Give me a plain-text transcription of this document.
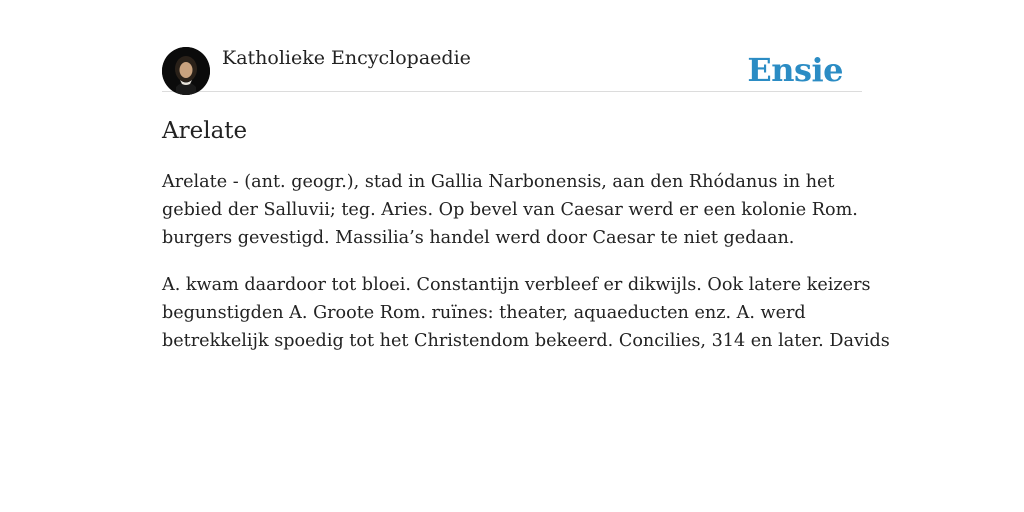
Katholieke Encyclopaedie	Ensie
Arelate

Arelate - (ant. geogr.), stad in Gallia Narbonensis, aan den Rhódanus in het
gebied der Salluvii; teg. Aries. Op bevel van Caesar werd er een kolonie Rom.
burgers gevestigd. Massilia’s handel werd door Caesar te niet gedaan.

A. kwam daardoor tot bloei. Constantijn verbleef er dikwijls. Ook latere keizers
begunstigden A. Groote Rom. ruïnes: theater, aquaeducten enz. A. werd
betrekkelijk spoedig tot het Christendom bekeerd. Concilies, 314 en later. Davids
